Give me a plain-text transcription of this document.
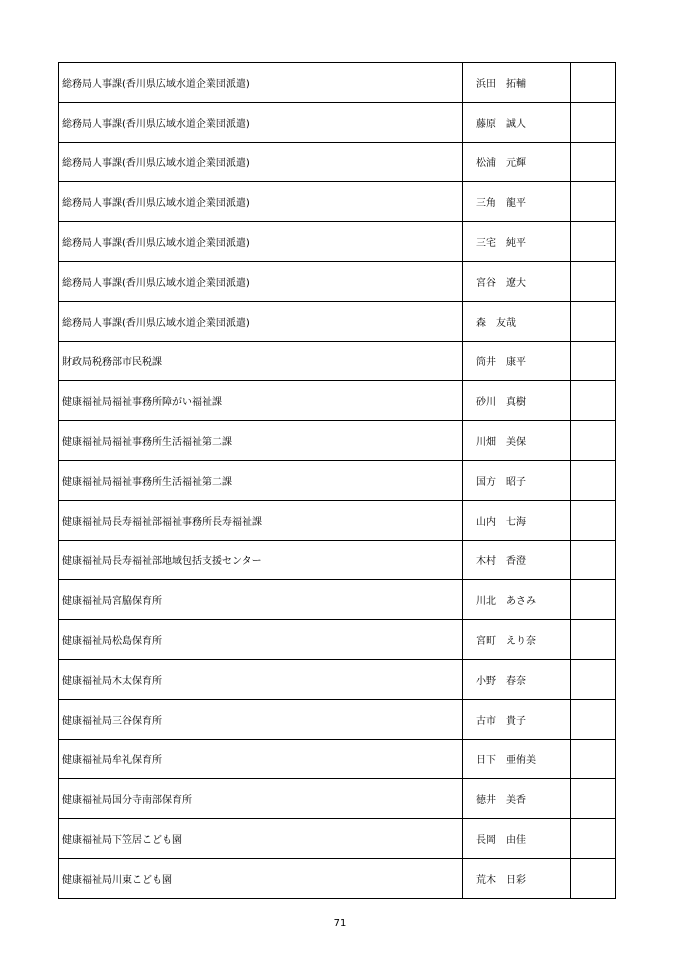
総務局人事課(香川県広域水道企業団派遣)	浜田　拓輔	
総務局人事課(香川県広域水道企業団派遣)	藤原　誠人	
総務局人事課(香川県広域水道企業団派遣)	松浦　元輝	
総務局人事課(香川県広域水道企業団派遣)	三角　龍平	
総務局人事課(香川県広域水道企業団派遣)	三宅　純平	
総務局人事課(香川県広域水道企業団派遣)	宮谷　遼大	
総務局人事課(香川県広域水道企業団派遣)	森　友哉	
財政局税務部市民税課	筒井　康平	
健康福祉局福祉事務所障がい福祉課	砂川　真樹	
健康福祉局福祉事務所生活福祉第二課	川畑　美保	
健康福祉局福祉事務所生活福祉第二課	国方　昭子	
健康福祉局長寿福祉部福祉事務所長寿福祉課	山内　七海	
健康福祉局長寿福祉部地域包括支援センター	木村　香澄	
健康福祉局宮脇保育所	川北　あさみ	
健康福祉局松島保育所	宮町　えり奈	
健康福祉局木太保育所	小野　春奈	
健康福祉局三谷保育所	古市　貴子	
健康福祉局牟礼保育所	日下　亜侑美	
健康福祉局国分寺南部保育所	徳井　美香	
健康福祉局下笠居こども園	長岡　由佳	
健康福祉局川東こども園	荒木　日彩	
71
